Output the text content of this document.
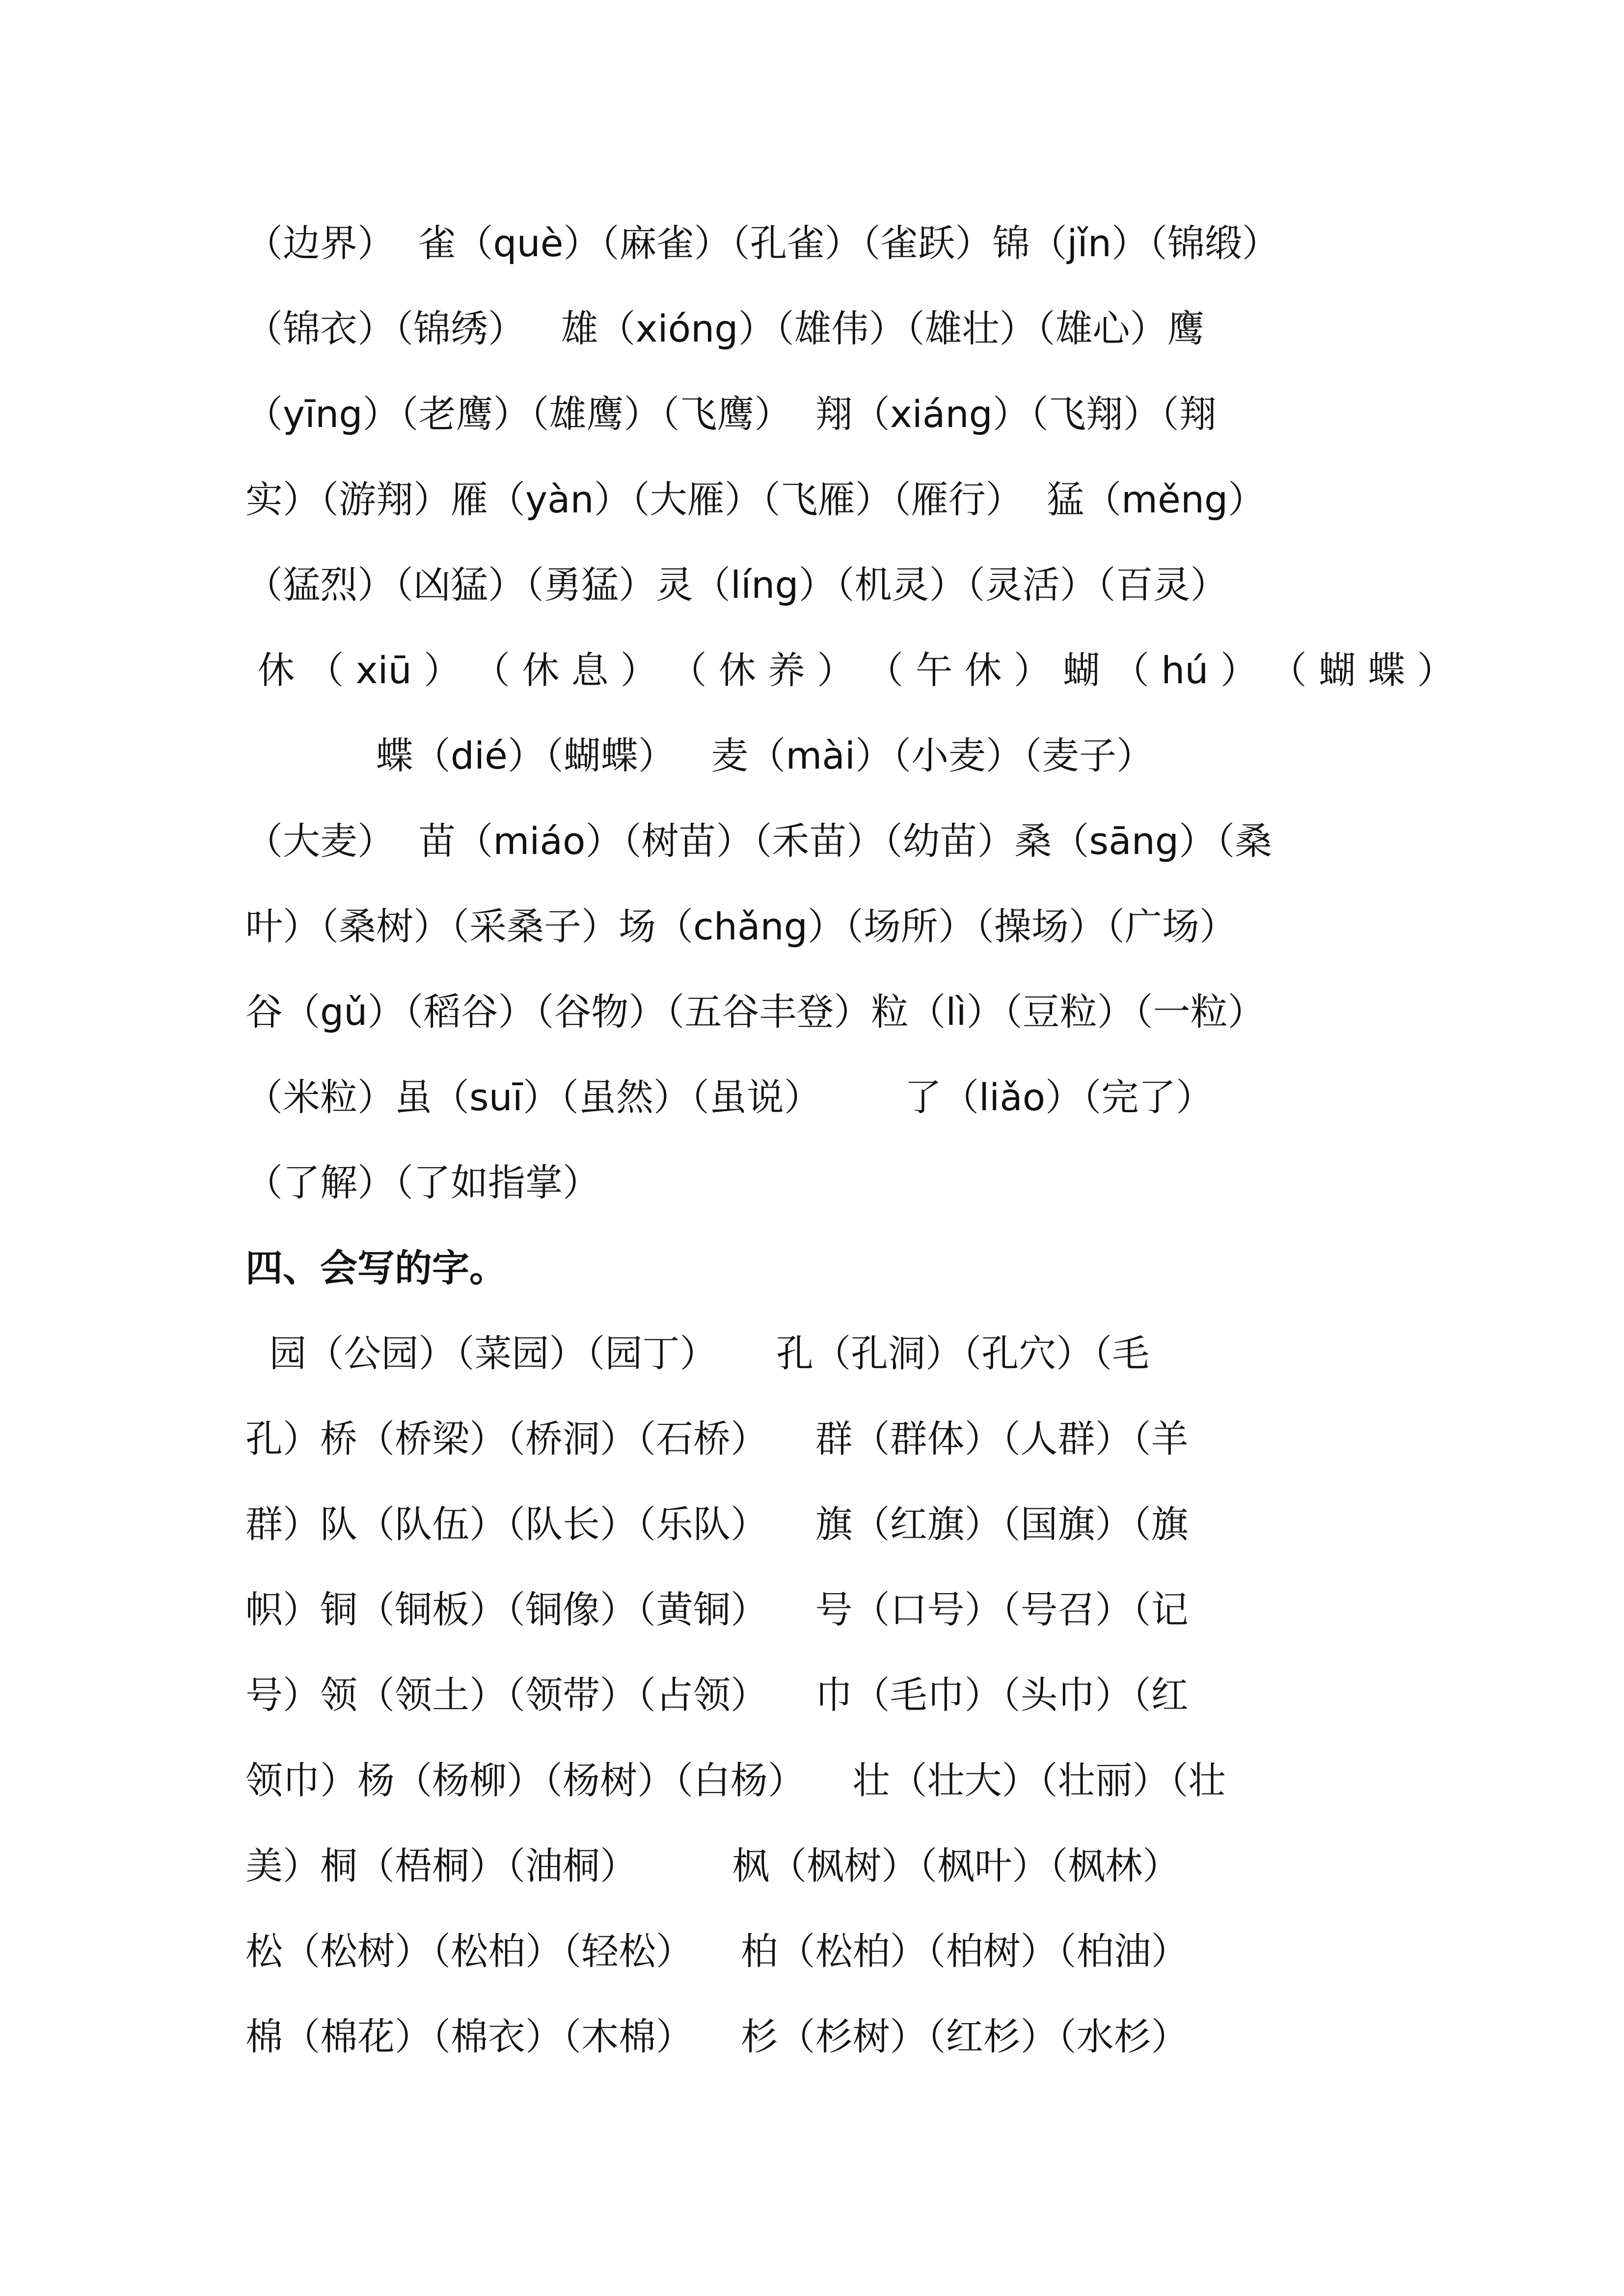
（边界）  雀（què）（麻雀）（孔雀）（雀跃）锦（jǐn）（锦缎）
（锦衣）（锦绣）   雄（xióng）（雄伟）（雄壮）（雄心）鹰
（yīng）（老鹰）（雄鹰）（飞鹰）  翔（xiáng）（飞翔）（翔
实）（游翔）雁（yàn）（大雁）（飞雁）（雁行）  猛（měng）
（猛烈）（凶猛）（勇猛）灵（líng）（机灵）（灵活）（百灵）
休 （ xiū ） （ 休 息 ） （ 休 养 ） （ 午 休 ） 蝴 （ hú ） （ 蝴 蝶 ）
蝶（dié）（蝴蝶）   麦（mài）（小麦）（麦子）
（大麦）  苗（miáo）（树苗）（禾苗）（幼苗）桑（sāng）（桑
叶）（桑树）（采桑子）场（chǎng）（场所）（操场）（广场）
谷（gǔ）（稻谷）（谷物）（五谷丰登）粒（lì）（豆粒）（一粒）
（米粒）虽（suī）（虽然）（虽说）       了（liǎo）（完了）
（了解）（了如指掌）
四、会写的字。
园（公园）（菜园）（园丁）     孔（孔洞）（孔穴）（毛
孔）桥（桥梁）（桥洞）（石桥）    群（群体）（人群）（羊
群）队（队伍）（队长）（乐队）    旗（红旗）（国旗）（旗
帜）铜（铜板）（铜像）（黄铜）    号（口号）（号召）（记
号）领（领土）（领带）（占领）    巾（毛巾）（头巾）（红
领巾）杨（杨柳）（杨树）（白杨）    壮（壮大）（壮丽）（壮
美）桐（梧桐）（油桐）        枫（枫树）（枫叶）（枫林）
松（松树）（松柏）（轻松）    柏（松柏）（柏树）（柏油）
棉（棉花）（棉衣）（木棉）    杉（杉树）（红杉）（水杉）
